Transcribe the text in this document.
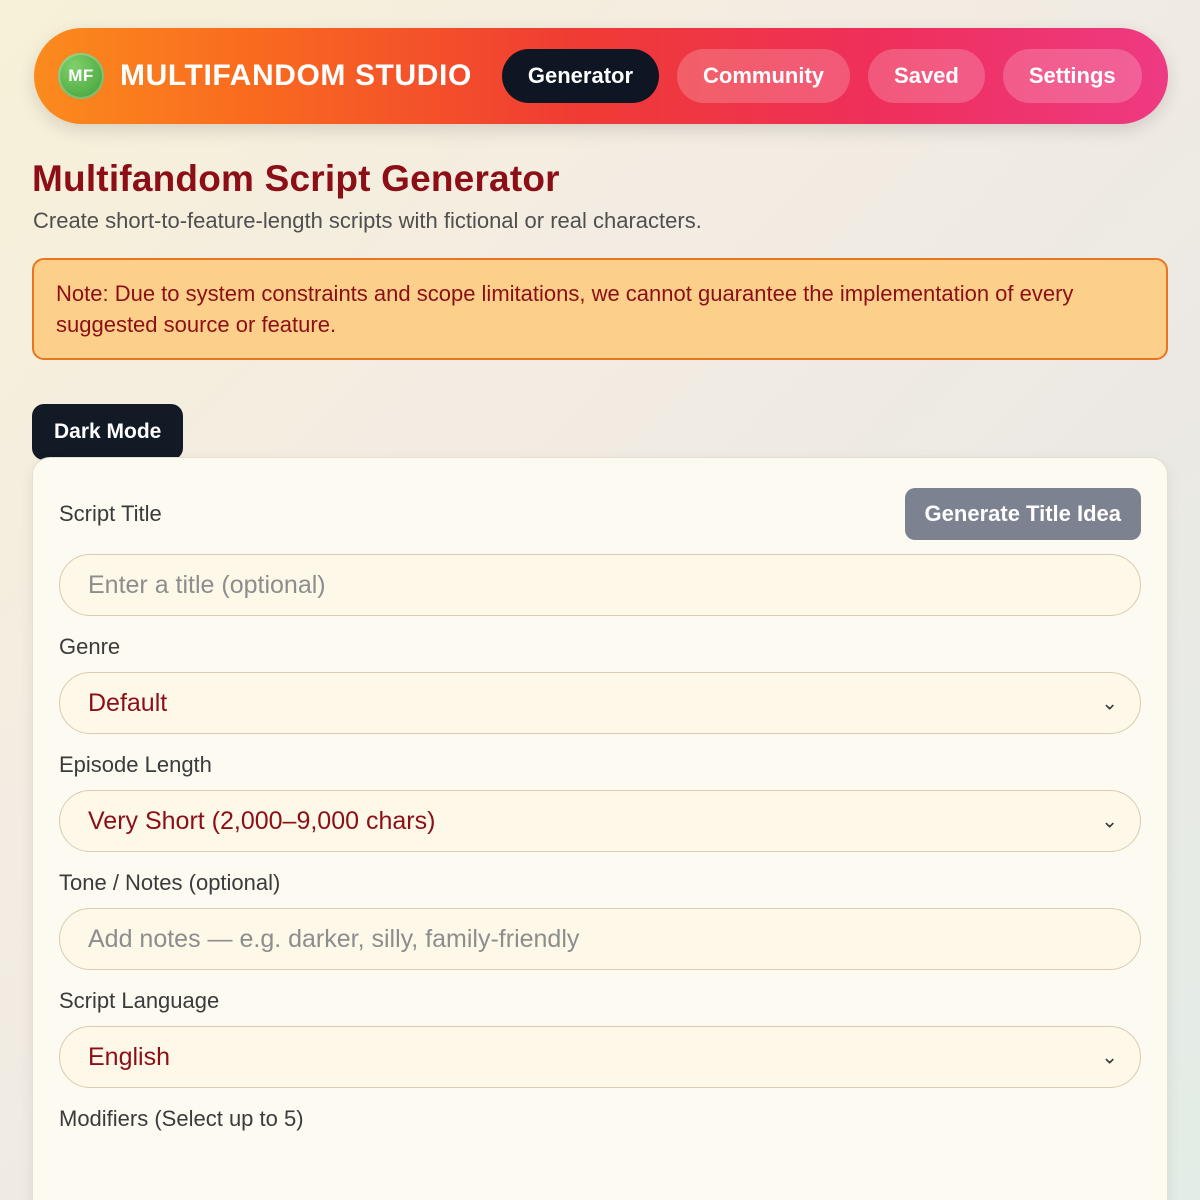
MF MULTIFANDOM STUDIO	Generator	Community	Saved	Settings
Multifandom Script Generator
Create short-to-feature-length scripts with fictional or real characters.
Note: Due to system constraints and scope limitations, we cannot guarantee the implementation of every suggested source or feature.
Dark Mode
Script Title	Generate Title Idea
Enter a title (optional)
Genre
Default	⌄
Episode Length
Very Short (2,000–9,000 chars)	⌄
Tone / Notes (optional)
Add notes — e.g. darker, silly, family-friendly
Script Language
English	⌄
Modifiers (Select up to 5)
